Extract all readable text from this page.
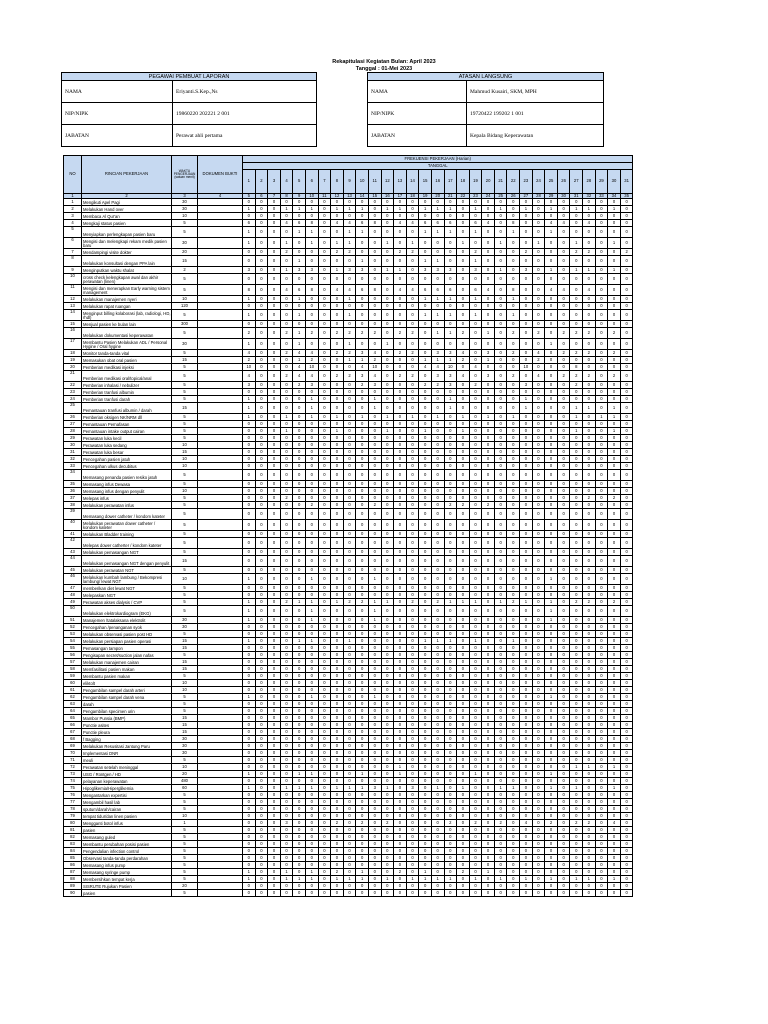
Rekapitulasi Kegiatan Bulan: April 2023
Tanggal : 01-Mei 2023
PEGAWAI PEMBUAT LAPORAN	
NAMA	Eriyanti.S.Kep.,Ns
NIP/NIPK	19860220 202221 2 001
JABATAN	Perawat ahli pertama
ATASAN LANGSUNG	
NAMA	Mahmud Kusairi, SKM, MPH
NIP/NIPK	19720422 199202 1 001
JABATAN	Kepala Bidang Keperawatan
NO	RINCIAN PEKERJAAN	WAKTU PENGERJAAN (satuan menit)	DOKUMEN BUKTI	FREKUENSI PEKERJAAN (Harian)																														
				TANGGAL																														
				1	2	3	4	5	6	7	8	9	10	11	12	13	14	15	16	17	18	19	20	21	22	23	24	25	26	27	28	29	30	31
1	2	3	4	5	6	7	8	9	10	11	12	13	14	15	16	17	18	19	20	21	22	23	24	25	26	27	28	29	30	31	32	33	34	35
1	Mengikuti Apel Pagi	30		0	0	0	0	0	0	0	0	0	0	0	0	0	0	0	0	0	0	0	0	0	0	0	0	0	0	0	0	0	0	0
2	Melakukan Hand over	30		1	0	0	1	1	1	0	1	1	1	0	1	1	0	1	1	1	0	1	0	1	0	1	0	1	0	1	1	0	1	0
3	Membaca Al Qur'an	10		0	0	0	0	0	0	0	0	0	0	0	0	0	0	0	0	0	0	0	0	0	0	0	0	0	0	0	0	0	0	0
4	Mengkaji status pasien	5		6	0	0	4	6	8	0	4	4	6	8	0	4	4	6	6	6	0	6	4	0	8	0	0	4	4	0	4	0	0	0
5	Menyiapkan perlengkapan pasien baru	5		1	0	0	0	1	1	0	0	1	1	0	0	0	0	1	1	1	0	1	0	0	1	0	0	1	0	0	0	0	0	0
6	Mengisi dan melengkapi rekam medik pasien baru	30		1	0	0	1	0	1	0	1	1	0	0	1	0	1	0	0	0	1	0	0	1	0	0	1	0	0	1	0	0	1	0
7	Mendampingi visite dokter	20		0	0	0	2	0	0	0	2	2	0	0	0	2	2	0	0	0	0	2	0	0	0	2	0	0	0	2	2	0	0	2
8	Melakukan konsultasi dengan PPA lain	15		0	0	0	0	1	0	0	0	0	1	0	0	0	0	1	1	0	0	1	0	0	0	0	0	0	0	0	0	0	0	0
9	Menginputkan waktu shalat	2		3	0	0	1	3	3	0	1	3	3	0	1	1	0	3	3	3	0	3	0	1	0	3	0	1	0	1	1	0	1	0
10	cross check kelengkapan awal dan akhir perawatan (linen)	5		0	0	0	0	0	0	0	0	0	0	0	0	0	0	0	0	0	0	0	0	0	0	0	0	0	0	0	0	0	0	0
11	Mengisi dan menerapkan Early warning sistem management	5		8	0	0	4	6	8	0	4	4	6	8	0	4	4	6	6	6	0	6	4	0	8	0	0	4	4	0	4	0	0	0
12	Melakukan manajemen nyeri	10		1	0	0	0	1	0	0	0	1	0	0	0	0	0	1	1	1	0	1	0	0	1	0	0	0	0	0	0	0	0	0
13	Melakukan rapat ruangan	120		0	0	0	0	0	0	0	0	0	0	0	0	0	0	0	0	0	0	0	0	0	0	0	0	0	0	0	0	0	0	0
14	Menginput billing kolaborasi (lab, radiologi, HD, rhdl)	5		1	0	0	0	1	0	0	0	1	0	0	0	0	0	1	1	1	0	1	0	0	1	0	0	0	0	0	0	0	0	0
15	Menjual pasien ke bulan lain	300		0	0	0	0	0	0	0	0	0	0	0	0	0	0	0	0	0	0	0	0	0	0	0	0	0	0	0	0	0	0	0
16	Melakukan dokumentasi keperawatan	5		2	0	0	2	1	2	0	2	2	2	2	0	2	2	0	1	1	2	0	1	0	2	0	2	0	2	2	2	0	2	0
17	Membantu Pasien Melakukan ADL / Personal Hygine / Oral hygine	30		1	0	0	0	1	0	0	0	1	0	0	1	0	0	0	0	0	0	0	0	0	0	0	0	1	0	0	0	0	0	0
18	Monitor tanda-tanda vital	5		4	0	0	2	4	4	0	2	2	3	4	0	2	2	0	3	3	4	0	3	0	2	0	4	0	2	2	2	0	2	0
19	Memasukan obat oral pasien	15		2	0	0	0	1	2	0	0	1	1	2	0	0	0	1	1	1	2	0	1	0	0	0	2	0	0	0	0	0	0	0
20	Pemberian medikasi injeksi	5		10	0	0	0	4	10	0	0	0	4	10	0	0	0	4	4	10	0	4	0	0	0	10	0	0	0	8	0	0	0	0
21	Pemberian medikasi oral/topical/anal	5		4	0	0	2	4	4	0	2	2	3	4	0	2	2	0	3	3	4	0	3	0	2	0	4	0	2	2	2	0	2	0
22	Pemberian inhalasi / nebulizer	5		3	0	0	0	2	3	0	0	0	2	3	0	0	0	2	2	3	0	2	0	0	0	3	0	0	0	2	0	0	0	0
23	Pemberian tranfusi albumin	5		0	0	0	0	0	0	0	0	0	0	0	0	0	0	0	0	0	0	0	0	0	0	0	0	0	0	0	0	0	0	0
24	Pemberian tranfusi darah	5		1	0	0	0	0	1	0	0	0	0	1	0	0	0	0	0	1	0	0	0	0	0	1	0	0	0	0	0	0	0	0
25	Pemantauan tranfusi albumin / darah	15		1	0	0	0	0	1	0	0	0	0	1	0	0	0	0	0	1	0	0	0	0	0	1	0	0	0	1	1	0	1	0
26	Pemberian oksigen NK/NRM dll	5		1	0	0	1	0	1	0	1	0	1	0	1	0	1	0	1	0	1	0	1	0	1	0	0	0	0	1	0	1	1	0
27	Pemantauan Pernafasan	5		0	0	0	0	0	0	0	0	0	0	0	0	0	0	0	0	0	0	0	0	0	0	0	0	0	0	0	0	0	0	0
28	Pemantauan intake output cairan	5		0	0	0	1	0	0	0	1	0	0	0	1	0	0	1	0	0	1	0	0	0	0	0	0	0	0	1	0	0	1	0
29	Perawatan luka kecil	5		0	0	0	0	0	0	0	0	0	0	0	0	0	0	0	0	0	0	0	0	0	0	0	0	0	0	0	0	0	0	0
30	Perawatan luka sedang	10		0	0	0	0	0	0	0	0	0	0	0	0	0	0	0	0	0	0	0	0	0	0	0	0	0	0	0	0	0	0	0
31	Perawatan luka besar	15		0	0	0	0	0	0	0	0	0	0	0	0	0	0	0	0	0	0	0	0	0	0	0	0	0	0	0	0	0	0	0
32	Pencegahan pasien jatuh	10		0	0	0	0	0	0	0	0	0	0	0	0	0	0	0	0	0	0	0	0	0	0	0	0	0	0	0	0	0	0	0
33	Pencegahan ulkus decubitus	10		0	0	0	0	0	0	0	0	0	0	0	0	0	0	0	0	0	0	0	0	0	0	0	0	0	0	0	0	0	0	0
34	Memasang penanda pasien resiko jatuh	5		0	0	0	0	0	0	0	0	0	0	0	0	0	0	0	0	0	0	0	0	0	0	0	0	0	0	0	0	0	0	0
35	Memasang infus Dewasa	5		0	0	0	0	0	0	0	0	0	0	0	0	0	0	0	0	0	0	0	0	0	0	0	0	0	0	0	0	0	0	0
36	Memasang infus dengan penyulit	10		0	0	0	0	0	0	0	0	0	0	0	0	0	0	0	0	0	0	0	0	0	0	0	0	0	0	0	0	0	0	0
37	Melepas infus	5		0	0	0	2	0	0	0	0	0	0	0	0	0	0	0	0	0	0	0	0	0	0	0	0	0	0	0	2	0	2	0
38	Melakukan perawatan infus	5		0	0	0	0	0	2	0	0	0	0	2	0	0	0	0	0	2	2	0	2	0	0	0	0	0	0	0	0	0	0	0
39	Memasang dower catheter / kondom kateter	5		0	0	0	0	0	0	0	0	0	0	0	0	0	0	0	0	0	0	0	0	0	0	0	0	0	0	0	0	0	0	0
40	Melakukan perawatan dower catheter / kondom kateter	5		0	0	0	0	0	0	0	0	0	0	0	0	0	0	0	0	0	0	0	0	0	0	0	0	0	0	0	0	0	0	0
41	Melakukan Bladder training	5		0	0	0	0	0	0	0	0	0	0	0	0	0	0	0	0	0	0	0	0	0	0	0	0	0	0	0	0	0	0	0
42	Melepas dower catherter / kondom kateter	5		0	0	0	0	0	0	0	0	0	0	0	0	0	0	0	0	0	0	0	0	0	0	0	0	0	0	0	0	0	0	0
43	Melakukan pemasangan NGT	5		0	0	0	0	0	0	0	0	0	0	0	0	0	0	0	0	0	0	0	0	0	0	0	0	0	0	0	0	0	0	0
44	Melakukan pemasangan NGT dengan penyulit	15		0	0	0	0	0	0	0	0	0	0	0	0	0	0	0	0	0	0	0	0	0	0	0	0	0	0	0	0	0	0	0
45	Melakukan perawatan NGT	5		0	0	0	0	0	0	0	0	0	0	0	0	0	0	0	0	0	0	0	0	0	0	0	0	0	0	0	0	0	0	0
46	Melakukan kumbah lambung / Bekompresi lambung/ lewat NGT	10		1	0	0	0	0	1	0	0	0	0	1	0	0	0	0	0	0	0	0	0	0	0	0	0	1	0	0	0	0	0	0
47	memberikan diet lewat NGT	5		0	0	0	0	0	0	0	0	0	0	0	0	0	0	0	0	0	0	0	0	0	0	0	0	0	0	0	0	0	0	0
48	Melepaskan NGT	5		0	0	0	0	0	0	0	0	0	0	0	0	0	0	0	0	0	0	0	0	0	0	0	0	0	0	0	0	0	0	0
49	Perawatan akses dialysis / CVP	5		1	0	0	2	1	1	0	1	2	2	1	1	0	2	0	2	1	1	1	0	1	2	1	0	1	0	2	2	0	2	0
50	Melakukan elektrokardiogram (EKG)	5		1	0	0	0	0	1	0	0	0	0	1	0	0	0	0	0	0	0	0	0	0	0	0	0	1	0	0	0	0	0	0
51	Manajemen /tatalaksana elektrolit	30		1	0	0	0	0	1	0	0	0	0	1	0	0	0	0	0	0	0	0	0	0	0	0	0	1	0	0	0	0	0	0
52	Pencegahan /penanganan syok	30		0	0	0	0	0	0	0	0	0	0	0	0	0	0	0	0	0	0	0	0	0	0	0	0	0	0	0	0	0	0	0
53	Melakukan observasi pasien post HD	5		0	0	0	0	0	0	0	0	0	0	0	0	0	0	0	0	0	0	0	0	0	0	0	0	0	0	0	0	0	0	0
54	Melakukan persiapan pasien operasi	15		1	0	0	0	1	1	0	0	1	0	0	0	0	0	1	1	1	0	1	0	0	1	0	0	0	0	0	0	0	0	0
55	Pemasangan tampon	15		0	0	0	0	0	0	0	0	0	0	0	0	0	0	0	0	0	0	0	0	0	0	0	0	0	0	0	0	0	0	0
56	Pengisapan secret/suction jalan nafas	5		0	0	0	0	0	0	0	0	0	0	0	0	0	0	0	0	0	0	0	0	0	0	0	0	0	0	0	0	0	0	0
57	Melakukan manajemen cairan	15		0	0	0	0	0	0	0	0	0	0	0	0	0	0	0	0	0	0	0	0	0	0	0	0	0	0	0	0	0	0	0
58	Memfasilitasi pasien makan	15		0	0	0	0	0	0	0	0	0	0	0	0	0	0	0	0	0	0	0	0	0	0	0	0	0	0	0	0	0	0	0
59	Membantu pasien makan	5		0	0	0	0	0	0	0	0	0	0	0	0	0	0	0	0	0	0	0	0	0	0	0	0	0	0	0	0	0	0	0
60	eliktolt	10		0	0	0	0	0	0	0	0	0	0	0	0	0	0	0	0	0	0	0	0	0	0	0	0	0	0	0	0	0	0	0
61	Pengambilan sampel darah arteri	10		0	0	0	0	0	0	0	0	0	0	0	0	0	0	0	0	0	0	0	0	0	0	0	0	0	0	0	0	0	0	0
62	Pengambilan sampel darah vena	5		1	0	0	0	0	1	0	0	0	0	1	0	0	0	0	0	0	0	0	0	0	0	0	0	1	0	0	0	0	0	0
63	darah	5		0	0	0	0	0	0	0	0	0	0	0	0	0	0	0	0	0	0	0	0	0	0	0	0	0	0	0	0	0	0	0
64	Pengambilan specimen urin	5		0	0	0	0	0	0	0	0	0	0	0	0	0	0	0	0	0	0	0	0	0	0	0	0	0	0	0	0	0	0	0
65	Mambor Punsia (BMP)	15		0	0	0	0	0	0	0	0	0	0	0	0	0	0	0	0	0	0	0	0	0	0	0	0	0	0	0	0	0	0	0
66	Punctie asites	15		0	0	0	0	0	0	0	0	0	0	0	0	0	0	0	0	0	0	0	0	0	0	0	0	0	0	0	0	0	0	0
67	Punctie pleura	15		0	0	0	0	0	0	0	0	0	0	0	0	0	0	0	0	0	0	0	0	0	0	0	0	0	0	0	0	0	0	0
68	f Bagging	30		0	0	0	0	0	0	0	0	0	0	0	0	0	0	0	0	0	0	0	0	0	0	0	0	0	0	0	0	0	0	0
69	Melakukan Resusitasi Jantung Paru	30		0	0	0	0	0	0	0	0	0	0	0	0	0	0	0	0	0	0	0	0	0	0	0	0	0	0	0	0	0	0	0
70	Implementasi DNR	30		0	0	0	0	0	0	0	0	0	0	0	0	0	0	0	0	0	0	0	0	0	0	0	0	0	0	0	0	0	0	0
71	meuli	5		0	0	0	0	0	0	0	0	0	0	0	0	0	0	0	0	0	0	0	0	0	0	0	0	0	0	0	0	0	0	0
72	Perawatan setelah meninggal	10		0	0	0	0	0	0	0	0	0	0	0	0	1	0	0	0	0	0	0	0	0	0	0	0	0	0	1	1	0	1	0
73	USG / Rontgen / HD	20		1	0	0	0	1	1	0	0	0	1	0	0	1	0	0	0	0	0	1	0	0	0	0	0	1	0	0	0	0	0	0
74	pelayanan keperawatan	480		0	0	0	0	0	0	0	0	0	0	0	0	0	0	0	0	0	0	0	0	0	0	0	0	0	0	0	0	0	0	0
75	Hipoglikemia/Hiperglikemia	60		1	0	0	1	1	1	0	1	1	1	3	1	0	3	0	1	0	1	0	0	1	1	0	0	1	0	1	0	0	1	0
76	Mengantarkan expertisi	5		0	0	0	0	0	0	0	0	0	0	0	0	0	0	0	0	0	0	0	0	0	0	0	0	0	0	0	0	0	0	0
77	Mengambil hasil lab	5		0	0	0	0	0	0	0	0	0	0	0	0	0	0	0	0	0	0	0	0	0	0	0	0	0	0	0	0	0	0	0
78	sputum/darah/cairan	5		0	0	0	0	0	0	0	0	0	0	0	0	0	0	0	0	0	0	0	0	0	0	0	0	0	0	0	0	0	0	0
79	tempat tidur/dan linen pasien	10		0	0	0	0	0	0	0	0	0	0	0	0	0	0	0	0	0	0	0	0	0	0	0	0	0	0	0	0	0	0	0
80	Mengganti botol infus	1		0	0	0	3	0	0	0	2	0	2	0	2	0	0	0	0	2	0	2	0	2	0	4	0	2	0	2	2	0	4	0
81	pasien	5		0	0	0	0	0	0	0	0	0	0	0	0	0	0	0	0	0	0	0	0	0	0	0	0	0	0	0	0	0	0	0
82	Memasang guled	5		0	0	0	0	0	0	0	0	0	0	0	0	0	0	0	0	0	0	0	0	0	0	0	0	0	0	0	0	0	0	0
83	Membantu perubahan posisi pasien	5		0	0	0	0	0	0	0	0	0	0	0	0	0	0	0	0	0	0	0	0	0	0	0	0	0	0	0	0	0	0	0
84	Pengendalian infection control	5		0	0	0	0	0	0	0	0	0	0	0	0	0	0	0	0	0	0	0	0	0	0	0	0	0	0	0	0	0	0	0
85	Observasi tanda-tanda perdarahan	5		0	0	0	0	0	0	0	0	0	0	0	0	0	0	0	0	0	0	0	0	0	0	0	0	0	0	0	0	0	0	0
86	Memasang infus pump	5		0	0	0	0	0	0	0	0	0	0	0	0	0	0	0	0	0	0	0	0	0	0	0	0	0	0	0	0	0	0	0
87	Memasang syringe pump	5		1	0	0	1	0	1	0	2	0	1	0	0	2	0	1	0	0	2	0	1	0	0	0	0	0	0	0	0	0	0	0
88	Membersihkan tempat kerja	5		1	0	0	1	1	1	0	1	1	1	0	1	0	1	1	1	1	0	1	0	1	0	1	0	1	0	1	1	0	1	0
89	SISRUTE Rujukan Pasien	20		0	0	0	0	0	0	0	0	0	0	0	0	0	0	0	0	0	0	0	0	0	0	0	0	0	0	0	0	0	0	0
90	pasien	5		0	0	0	0	0	0	0	0	0	0	0	0	0	0	0	0	0	0	0	0	0	0	0	0	0	0	0	0	0	0	0
